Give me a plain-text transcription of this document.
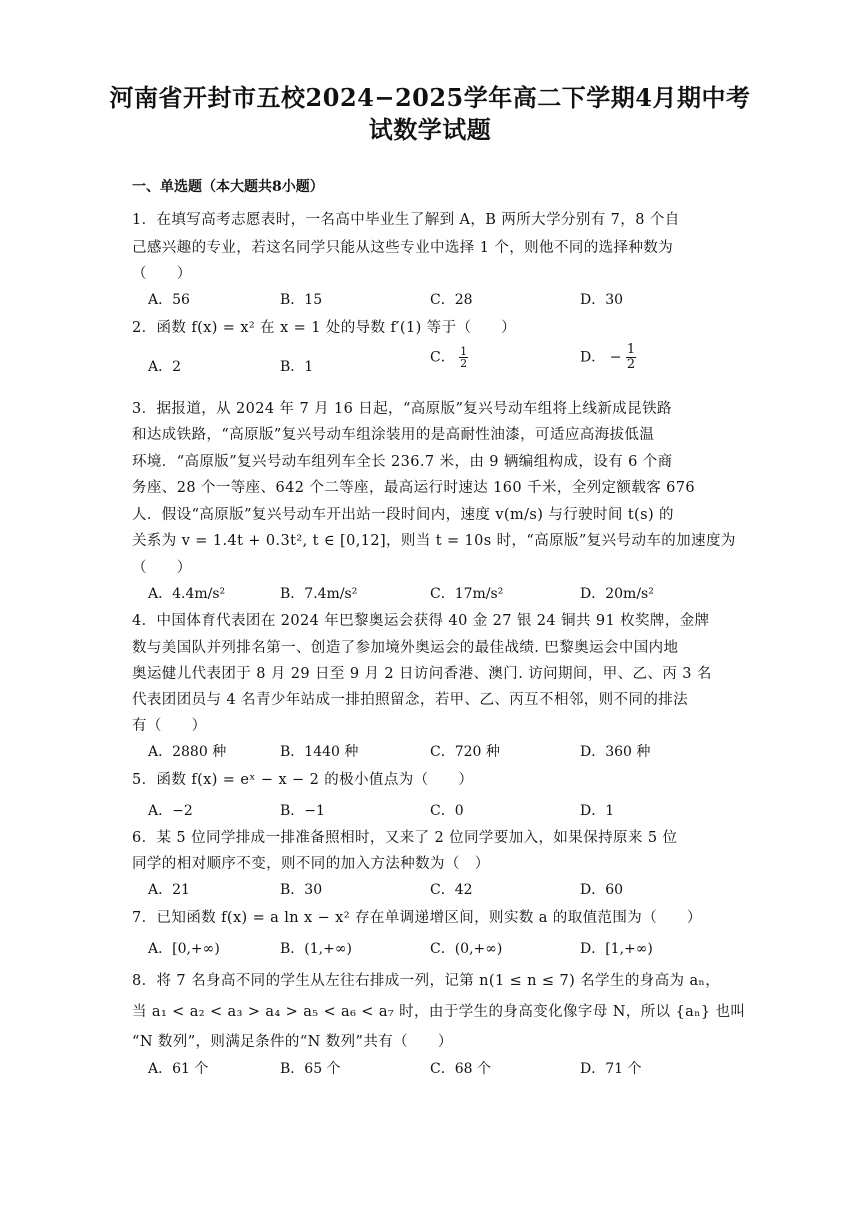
河南省开封市五校2024−2025学年高二下学期4月期中考
试数学试题
一、单选题（本大题共8小题）
1．在填写高考志愿表时，一名高中毕业生了解到 A，B 两所大学分别有 7，8 个自
己感兴趣的专业，若这名同学只能从这些专业中选择 1 个，则他不同的选择种数为
（　　）
A．56	B．15	C．28	D．30
2．函数 f(x) = x² 在 x = 1 处的导数 f′(1) 等于（　　）
A．2	B．1
C． $\frac{1}{2}$	D． − $\frac{1}{2}$
3．据报道，从 2024 年 7 月 16 日起，“高原版”复兴号动车组将上线新成昆铁路
和达成铁路，“高原版”复兴号动车组涂装用的是高耐性油漆，可适应高海拔低温
环境．“高原版”复兴号动车组列车全长 236.7 米，由 9 辆编组构成，设有 6 个商
务座、28 个一等座、642 个二等座，最高运行时速达 160 千米，全列定额载客 676
人．假设“高原版”复兴号动车开出站一段时间内，速度 v(m/s) 与行驶时间 t(s) 的
关系为 v = 1.4t + 0.3t², t ∈ [0,12]，则当 t = 10s 时，“高原版”复兴号动车的加速度为
（　　）
A．4.4m/s²	B．7.4m/s²	C．17m/s²	D．20m/s²
4．中国体育代表团在 2024 年巴黎奥运会获得 40 金 27 银 24 铜共 91 枚奖牌，金牌
数与美国队并列排名第一、创造了参加境外奥运会的最佳战绩. 巴黎奥运会中国内地
奥运健儿代表团于 8 月 29 日至 9 月 2 日访问香港、澳门. 访问期间，甲、乙、丙 3 名
代表团团员与 4 名青少年站成一排拍照留念，若甲、乙、丙互不相邻，则不同的排法
有（　　）
A．2880 种	B．1440 种	C．720 种	D．360 种
5．函数 f(x) = eˣ − x − 2 的极小值点为（　　）
A．−2	B．−1	C．0	D．1
6．某 5 位同学排成一排准备照相时，又来了 2 位同学要加入，如果保持原来 5 位
同学的相对顺序不变，则不同的加入方法种数为（　）
A．21	B．30	C．42	D．60
7．已知函数 f(x) = a ln x − x² 存在单调递增区间，则实数 a 的取值范围为（　　）
A．[0,+∞)	B．(1,+∞)	C．(0,+∞)	D．[1,+∞)
8．将 7 名身高不同的学生从左往右排成一列，记第 n(1 ≤ n ≤ 7) 名学生的身高为 aₙ，
当 a₁ < a₂ < a₃ > a₄ > a₅ < a₆ < a₇ 时，由于学生的身高变化像字母 N，所以 {aₙ} 也叫
“N 数列”，则满足条件的“N 数列”共有（　　）
A．61 个	B．65 个	C．68 个	D．71 个
